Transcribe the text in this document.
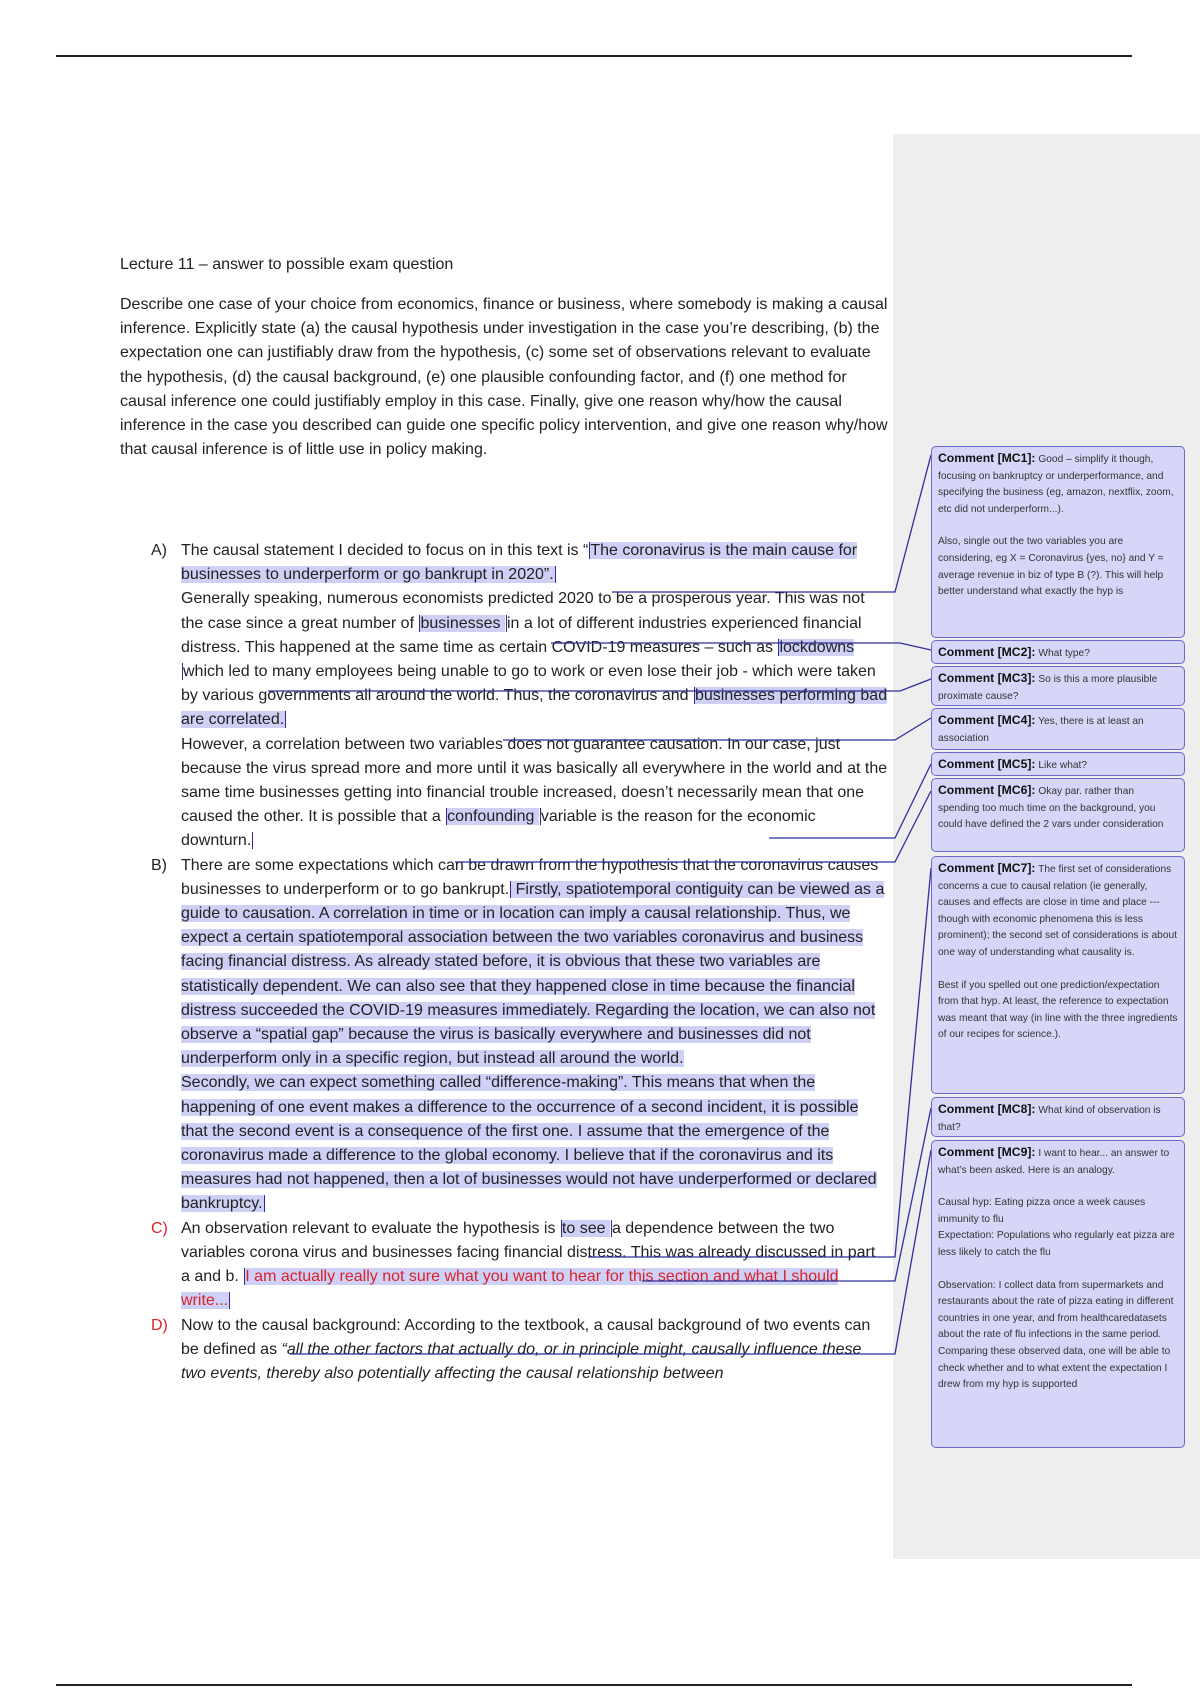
Lecture 11 – answer to possible exam question

Describe one case of your choice from economics, finance or business, where somebody is making a causal inference. Explicitly state (a) the causal hypothesis under investigation in the case you’re describing, (b) the expectation one can justifiably draw from the hypothesis, (c) some set of observations relevant to evaluate the hypothesis, (d) the causal background, (e) one plausible confounding factor, and (f) one method for causal inference one could justifiably employ in this case. Finally, give one reason why/how the causal inference in the case you described can guide one specific policy intervention, and give one reason why/how that causal inference is of little use in policy making.

A) The causal statement I decided to focus on in this text is “ The coronavirus is the main cause for businesses to underperform or go bankrupt in 2020”.

Generally speaking, numerous economists predicted 2020 to be a prosperous year. This was not the case since a great number of businesses in a lot of different industries experienced financial distress. This happened at the same time as certain COVID-19 measures – such as lockdowns which led to many employees being unable to go to work or even lose their job - which were taken by various governments all around the world. Thus, the coronavirus and businesses performing bad are correlated.

However, a correlation between two variables does not guarantee causation. In our case, just because the virus spread more and more until it was basically all everywhere in the world and at the same time businesses getting into financial trouble increased, doesn’t necessarily mean that one caused the other. It is possible that a confounding variable is the reason for the economic downturn.

B) There are some expectations which can be drawn from the hypothesis that the coronavirus causes businesses to underperform or to go bankrupt. Firstly, spatiotemporal contiguity can be viewed as a guide to causation. A correlation in time or in location can imply a causal relationship. Thus, we expect a certain spatiotemporal association between the two variables coronavirus and business facing financial distress. As already stated before, it is obvious that these two variables are statistically dependent. We can also see that they happened close in time because the financial distress succeeded the COVID-19 measures immediately. Regarding the location, we can also not observe a “spatial gap” because the virus is basically everywhere and businesses did not underperform only in a specific region, but instead all around the world.

Secondly, we can expect something called “difference-making”. This means that when the happening of one event makes a difference to the occurrence of a second incident, it is possible that the second event is a consequence of the first one. I assume that the emergence of the coronavirus made a difference to the global economy. I believe that if the coronavirus and its measures had not happened, then a lot of businesses would not have underperformed or declared bankruptcy.

C) An observation relevant to evaluate the hypothesis is to see a dependence between the two variables corona virus and businesses facing financial distress. This was already discussed in part a and b. I am actually really not sure what you want to hear for this section and what I should write...

D) Now to the causal background: According to the textbook, a causal background of two events can be defined as “all the other factors that actually do, or in principle might, causally influence these two events, thereby also potentially affecting the causal relationship between

Comment [MC1]: Good – simplify it though, focusing on bankruptcy or underperformance, and specifying the business (eg, amazon, nextflix, zoom, etc did not underperform...).

Also, single out the two variables you are considering, eg X = Coronavirus {yes, no} and Y = average revenue in biz of type B (?). This will help better understand what exactly the hyp is

Comment [MC2]: What type?

Comment [MC3]: So is this a more plausible proximate cause?

Comment [MC4]: Yes, there is at least an association

Comment [MC5]: Like what?

Comment [MC6]: Okay par. rather than spending too much time on the background, you could have defined the 2 vars under consideration

Comment [MC7]: The first set of considerations concerns a cue to causal relation (ie generally, causes and effects are close in time and place --- though with economic phenomena this is less prominent); the second set of considerations is about one way of understanding what causality is.

Best if you spelled out one prediction/expectation from that hyp. At least, the reference to expectation was meant that way (in line with the three ingredients of our recipes for science.).

Comment [MC8]: What kind of observation is that?

Comment [MC9]: I want to hear... an answer to what’s been asked. Here is an analogy.

Causal hyp: Eating pizza once a week causes immunity to flu
Expectation: Populations who regularly eat pizza are less likely to catch the flu

Observation: I collect data from supermarkets and restaurants about the rate of pizza eating in different countries in one year, and from healthcaredatasets about the rate of flu infections in the same period. Comparing these observed data, one will be able to check whether and to what extent the expectation I drew from my hyp is supported
